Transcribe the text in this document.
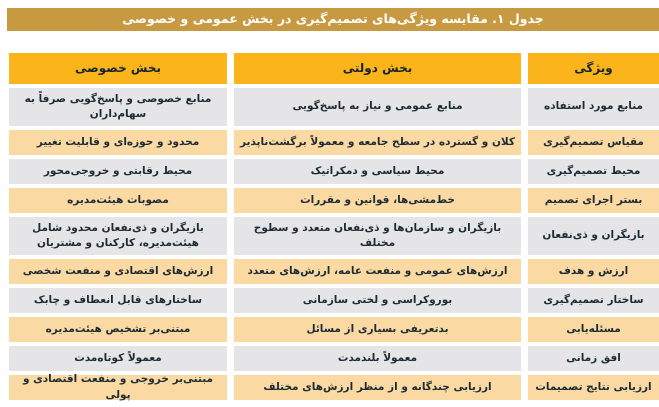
جدول ۱. مقایسه ویژگی‌های تصمیم‌گیری در بخش عمومی و خصوصی
ویژگی
بخش دولتی
بخش خصوصی
منابع مورد استفاده
منابع عمومی و نیاز به پاسخ‌گویی
منابع خصوصی و پاسخ‌گویی صرفاً به سهام‌داران
مقیاس تصمیم‌گیری
کلان و گسترده در سطح جامعه و معمولاً برگشت‌ناپذیر
محدود و حوزه‌ای و قابلیت تغییر
محیط تصمیم‌گیری
محیط سیاسی و دمکراتیک
محیط رقابتی و خروجی‌محور
بستر اجرای تصمیم
خط‌مشی‌ها، قوانین و مقررات
مصوبات هیئت‌مدیره
بازیگران و ذی‌نفعان
بازیگران و سازمان‌ها و ذی‌نفعان متعدد و سطوح مختلف
بازیگران و ذی‌نفعان محدود شامل هیئت‌مدیره، کارکنان و مشتریان
ارزش و هدف
ارزش‌های عمومی و منفعت عامه، ارزش‌های متعدد
ارزش‌های اقتصادی و منفعت شخصی
ساختار تصمیم‌گیری
بوروکراسی و لختی سازمانی
ساختارهای قابل انعطاف و چابک
مسئله‌یابی
بدتعریفی بسیاری از مسائل
مبتنی‌بر تشخیص هیئت‌مدیره
افق زمانی
معمولاً بلندمدت
معمولاً کوتاه‌مدت
ارزیابی نتایج تصمیمات
ارزیابی چندگانه و از منظر ارزش‌های مختلف
مبتنی‌بر خروجی و منفعت اقتصادی و پولی
